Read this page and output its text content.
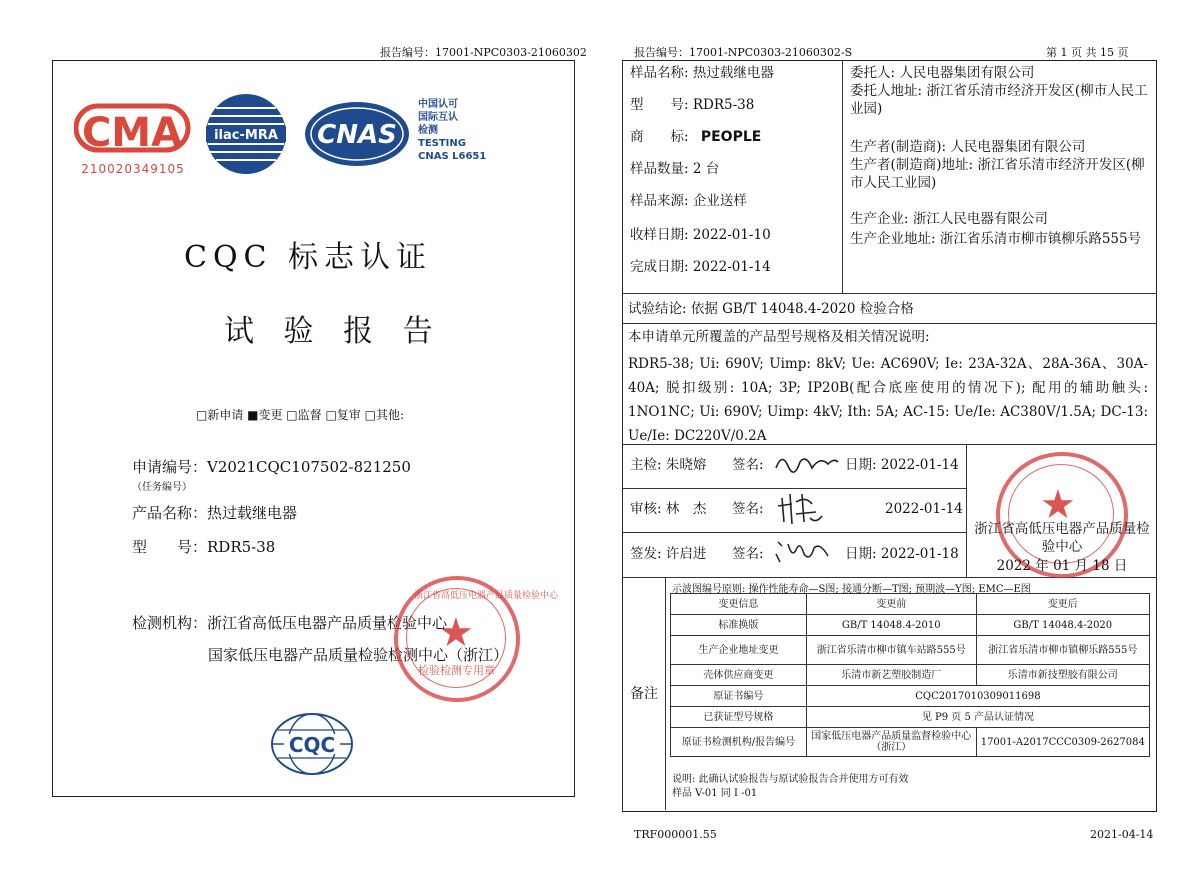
报告编号：17001-NPC0303-21060302
CMA
210020349105
ilac-MRA CNAS
中国认可
国际互认
检测
TESTING
CNAS L6651
CQC 标志认证
试 验 报 告
□新申请 ■变更 □监督 □复审 □其他:
申请编号：V2021CQC107502-821250
（任务编号）
产品名称：热过载继电器
型　　号：RDR5-38
检测机构：浙江省高低压电器产品质量检验中心
国家低压电器产品质量检验检测中心（浙江）
★
浙江省高低压电器产品质量检验中心
检验检测专用章
CQC
报告编号：17001-NPC0303-21060302-S	第 1 页 共 15 页
样品名称: 热过载继电器
型　　号: RDR5-38
商　　标: PEOPLE
样品数量: 2 台
样品来源: 企业送样
收样日期: 2022-01-10
完成日期: 2022-01-14
委托人: 人民电器集团有限公司
委托人地址: 浙江省乐清市经济开发区(柳市人民工业园)
生产者(制造商): 人民电器集团有限公司
生产者(制造商)地址: 浙江省乐清市经济开发区(柳市人民工业园)
生产企业: 浙江人民电器有限公司
生产企业地址: 浙江省乐清市柳市镇柳乐路555号
试验结论: 依据 GB/T 14048.4-2020 检验合格
本申请单元所覆盖的产品型号规格及相关情况说明:
RDR5-38; Ui: 690V; Uimp: 8kV; Ue: AC690V; Ie: 23A-32A、28A-36A、30A-40A; 脱扣级别: 10A; 3P; IP20B(配合底座使用的情况下); 配用的辅助触头: 1NO1NC; Ui: 690V; Uimp: 4kV; Ith: 5A; AC-15: Ue/Ie: AC380V/1.5A; DC-13: Ue/Ie: DC220V/0.2A
主检: 朱晓嫆 签名:	日期: 2022-01-14
审核: 林　杰 签名:	2022-01-14
签发: 许启进 签名:	日期: 2022-01-18
★
浙江省高低压电器产品质量检验中心
2022 年 01 月 18 日
备注
示波图编号原则: 操作性能寿命—S图; 接通分断—T图; 预期波—Y图; EMC—E图
变更信息	变更前	变更后
标准换版	GB/T 14048.4-2010	GB/T 14048.4-2020
生产企业地址变更	浙江省乐清市柳市镇车站路555号	浙江省乐清市柳市镇柳乐路555号
壳体供应商变更	乐清市新艺塑胶制造厂	乐清市新技塑胶有限公司
原证书编号	CQC2017010309011698	
已获证型号规格	见 P9 页 5 产品认证情况	
原证书检测机构/报告编号	国家低压电器产品质量监督检验中心（浙江）	17001-A2017CCC0309-2627084
说明: 此确认试验报告与原试验报告合并使用方可有效
样品 V-01 同 I -01
TRF000001.55	2021-04-14
